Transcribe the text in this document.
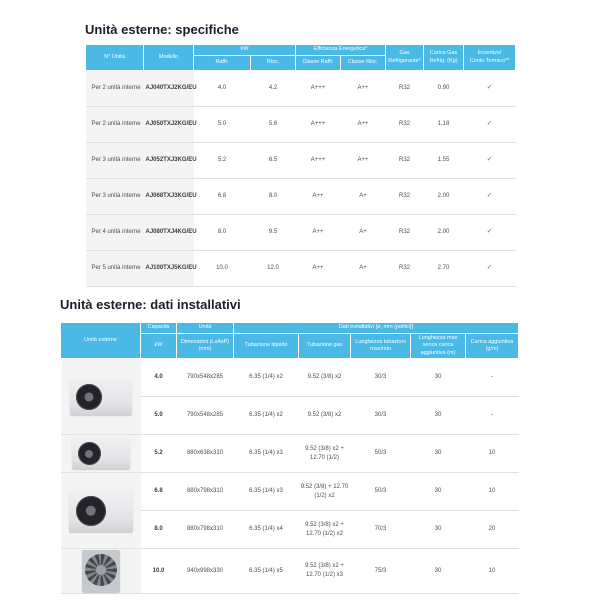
Unità esterne: specifiche
N° Unità	Modello	kW		Efficienza Energetica*		Gas
Refrigerante*	Carica Gas
Refrig. (Kg)	Incentivo/
Conto Termico**

		Raffr.	Risc.	Classe Raffr.	Classe Risc.			
Per 2 unità interne	AJ040TXJ2KG/EU	4.0	4.2	A+++	A++	R32	0.90	✓
Per 2 unità interne	AJ050TXJ2KG/EU	5.0	5.6	A+++	A++	R32	1.18	✓
Per 3 unità interne	AJ052TXJ3KG/EU	5.2	6.5	A+++	A++	R32	1.55	✓
Per 3 unità interne	AJ068TXJ3KG/EU	6.8	8.0	A++	A+	R32	2.00	✓
Per 4 unità interne	AJ080TXJ4KG/EU	8.0	9.5	A++	A+	R32	2.00	✓
Per 5 unità interne	AJ100TXJ5KG/EU	10.0	12.0	A++	A+	R32	2.70	✓
Unità esterne: dati installativi
Unità esterne	Capacità	Unità	Dati installativi [ø, mm (pollici)]				
	kW	Dimensioni (LxAxP) (mm)	Tubazione liquido	Tubazione gas	Lunghezza tubazioni
max/min	Lunghezza max senza carica
aggiuntiva (m)	Carica aggiuntiva
(g/m)

	4.0	790x548x285	6.35 (1/4) x2	9.52 (3/8) x2	30/3	30	-
	5.0	790x548x285	6.35 (1/4) x2	9.52 (3/8) x2	30/3	30	-

	5.2	880x638x310	6.35 (1/4) x3	9.52 (3/8) x2 + 12.70 (1/2)	50/3	30	10

	6.8	880x798x310	6.35 (1/4) x3	9.52 (3/8) + 12.70 (1/2) x2	50/3	30	10
	8.0	880x798x310	6.35 (1/4) x4	9.52 (3/8) x2 + 12.70 (1/2) x2	70/3	30	20

	10.0	940x998x330	6.35 (1/4) x5	9.52 (3/8) x2 + 12.70 (1/2) x3	75/3	30	10
